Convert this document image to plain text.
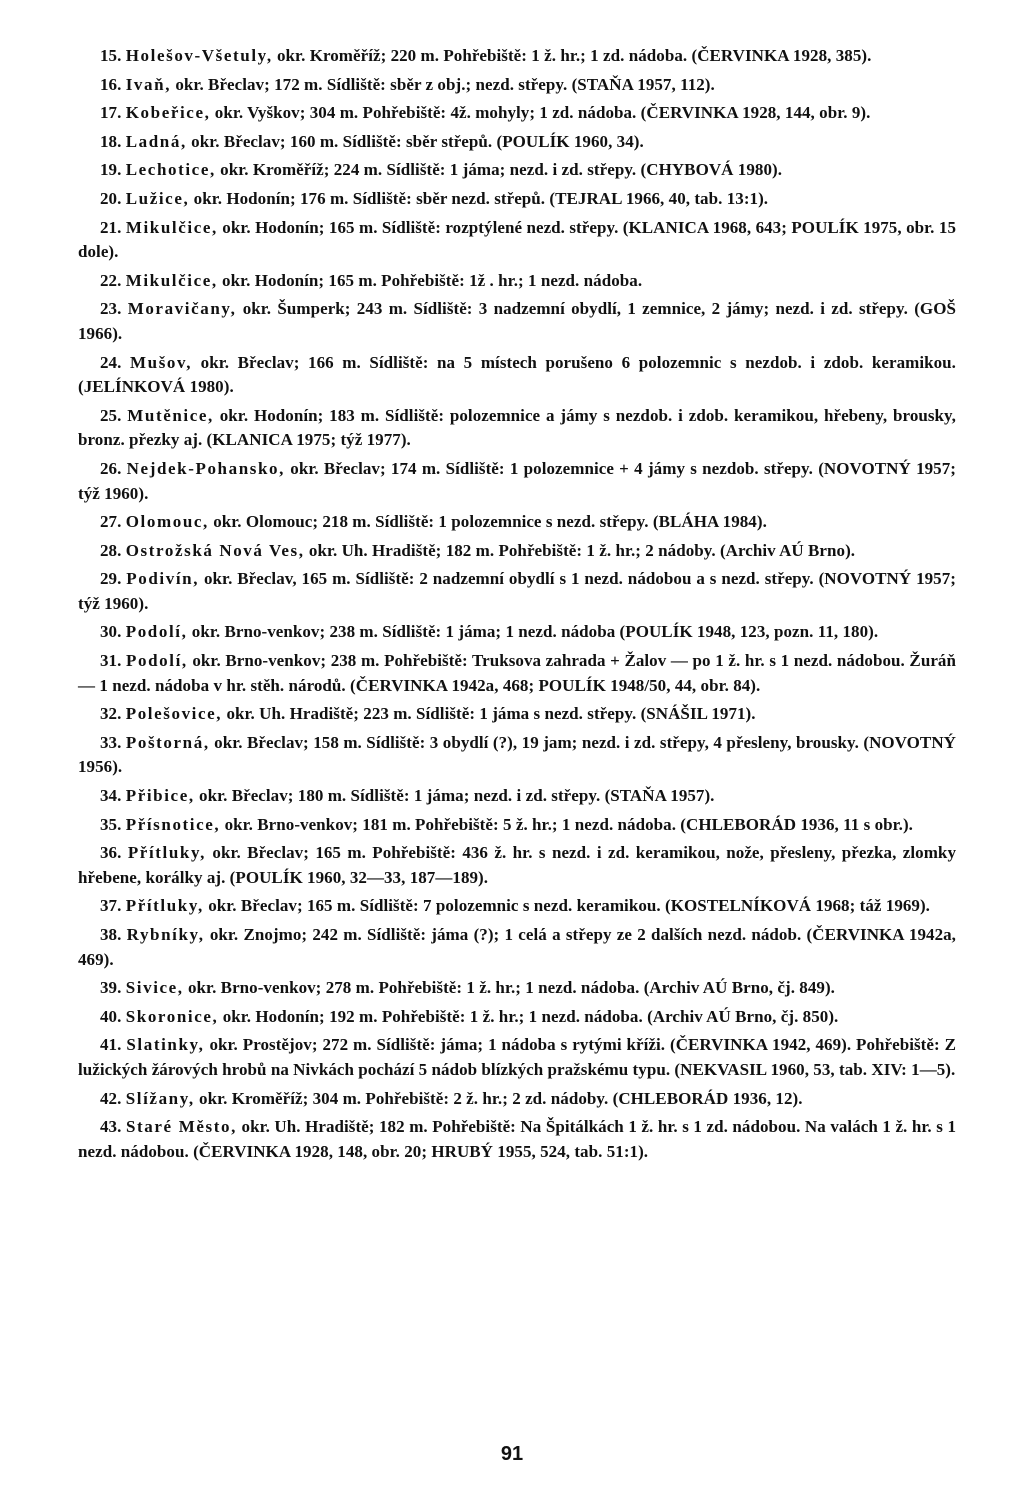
15. Holešov-Všetuly, okr. Kroměříž; 220 m. Pohřebiště: 1 ž. hr.; 1 zd. nádoba. (ČERVINKA 1928, 385).

16. Ivaň, okr. Břeclav; 172 m. Sídliště: sběr z obj.; nezd. střepy. (STAŇA 1957, 112).

17. Kobeřice, okr. Vyškov; 304 m. Pohřebiště: 4ž. mohyly; 1 zd. nádoba. (ČERVINKA 1928, 144, obr. 9).

18. Ladná, okr. Břeclav; 160 m. Sídliště: sběr střepů. (POULÍK 1960, 34).

19. Lechotice, okr. Kroměříž; 224 m. Sídliště: 1 jáma; nezd. i zd. střepy. (CHYBOVÁ 1980).

20. Lužice, okr. Hodonín; 176 m. Sídliště: sběr nezd. střepů. (TEJRAL 1966, 40, tab. 13:1).

21. Mikulčice, okr. Hodonín; 165 m. Sídliště: rozptýlené nezd. střepy. (KLANICA 1968, 643; POULÍK 1975, obr. 15 dole).

22. Mikulčice, okr. Hodonín; 165 m. Pohřebiště: 1ž . hr.; 1 nezd. nádoba.

23. Moravičany, okr. Šumperk; 243 m. Sídliště: 3 nadzemní obydlí, 1 zemnice, 2 jámy; nezd. i zd. střepy. (GOŠ 1966).

24. Mušov, okr. Břeclav; 166 m. Sídliště: na 5 místech porušeno 6 polozemnic s nezdob. i zdob. keramikou. (JELÍNKOVÁ 1980).

25. Mutěnice, okr. Hodonín; 183 m. Sídliště: polozemnice a jámy s nezdob. i zdob. keramikou, hřebeny, brousky, bronz. přezky aj. (KLANICA 1975; týž 1977).

26. Nejdek-Pohansko, okr. Břeclav; 174 m. Sídliště: 1 polozemnice + 4 jámy s nezdob. střepy. (NOVOTNÝ 1957; týž 1960).

27. Olomouc, okr. Olomouc; 218 m. Sídliště: 1 polozemnice s nezd. střepy. (BLÁHA 1984).

28. Ostrožská Nová Ves, okr. Uh. Hradiště; 182 m. Pohřebiště: 1 ž. hr.; 2 nádoby. (Archiv AÚ Brno).

29. Podivín, okr. Břeclav, 165 m. Sídliště: 2 nadzemní obydlí s 1 nezd. nádobou a s nezd. střepy. (NOVOTNÝ 1957; týž 1960).

30. Podolí, okr. Brno-venkov; 238 m. Sídliště: 1 jáma; 1 nezd. nádoba (POULÍK 1948, 123, pozn. 11, 180).

31. Podolí, okr. Brno-venkov; 238 m. Pohřebiště: Truksova zahrada + Žalov — po 1 ž. hr. s 1 nezd. nádobou. Žuráň — 1 nezd. nádoba v hr. stěh. národů. (ČERVINKA 1942a, 468; POULÍK 1948/50, 44, obr. 84).

32. Polešovice, okr. Uh. Hradiště; 223 m. Sídliště: 1 jáma s nezd. střepy. (SNÁŠIL 1971).

33. Poštorná, okr. Břeclav; 158 m. Sídliště: 3 obydlí (?), 19 jam; nezd. i zd. střepy, 4 přesleny, brousky. (NOVOTNÝ 1956).

34. Přibice, okr. Břeclav; 180 m. Sídliště: 1 jáma; nezd. i zd. střepy. (STAŇA 1957).

35. Přísnotice, okr. Brno-venkov; 181 m. Pohřebiště: 5 ž. hr.; 1 nezd. nádoba. (CHLEBORÁD 1936, 11 s obr.).

36. Přítluky, okr. Břeclav; 165 m. Pohřebiště: 436 ž. hr. s nezd. i zd. keramikou, nože, přesleny, přezka, zlomky hřebene, korálky aj. (POULÍK 1960, 32—33, 187—189).

37. Přítluky, okr. Břeclav; 165 m. Sídliště: 7 polozemnic s nezd. keramikou. (KOSTELNÍKOVÁ 1968; táž 1969).

38. Rybníky, okr. Znojmo; 242 m. Sídliště: jáma (?); 1 celá a střepy ze 2 dalších nezd. nádob. (ČERVINKA 1942a, 469).

39. Sivice, okr. Brno-venkov; 278 m. Pohřebiště: 1 ž. hr.; 1 nezd. nádoba. (Archiv AÚ Brno, čj. 849).

40. Skoronice, okr. Hodonín; 192 m. Pohřebiště: 1 ž. hr.; 1 nezd. nádoba. (Archiv AÚ Brno, čj. 850).

41. Slatinky, okr. Prostějov; 272 m. Sídliště: jáma; 1 nádoba s rytými kříži. (ČERVINKA 1942, 469). Pohřebiště: Z lužických žárových hrobů na Nivkách pochází 5 nádob blízkých pražskému typu. (NEKVASIL 1960, 53, tab. XIV: 1—5).

42. Slížany, okr. Kroměříž; 304 m. Pohřebiště: 2 ž. hr.; 2 zd. nádoby. (CHLEBORÁD 1936, 12).

43. Staré Město, okr. Uh. Hradiště; 182 m. Pohřebiště: Na Špitálkách 1 ž. hr. s 1 zd. nádobou. Na valách 1 ž. hr. s 1 nezd. nádobou. (ČERVINKA 1928, 148, obr. 20; HRUBÝ 1955, 524, tab. 51:1).

91
